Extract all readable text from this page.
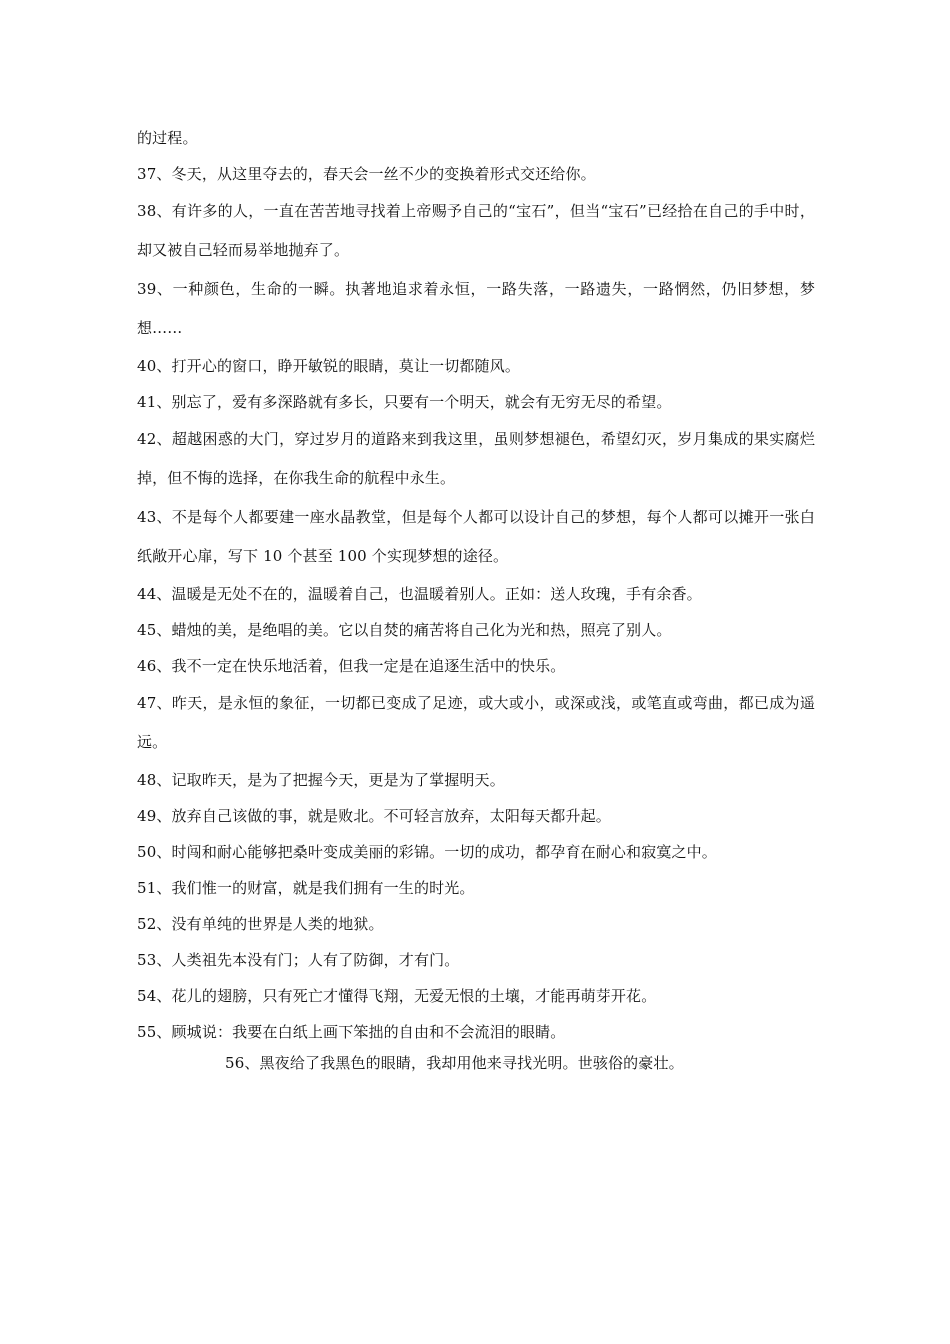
的过程。

37、冬天，从这里夺去的，春天会一丝不少的变换着形式交还给你。

38、有许多的人，一直在苦苦地寻找着上帝赐予自己的“宝石”，但当“宝石”已经拾在自己的手中时，却又被自己轻而易举地抛弃了。

39、一种颜色，生命的一瞬。执著地追求着永恒，一路失落，一路遗失，一路惘然，仍旧梦想，梦想……

40、打开心的窗口，睁开敏锐的眼睛，莫让一切都随风。

41、别忘了，爱有多深路就有多长，只要有一个明天，就会有无穷无尽的希望。

42、超越困惑的大门，穿过岁月的道路来到我这里，虽则梦想褪色，希望幻灭，岁月集成的果实腐烂掉，但不悔的选择，在你我生命的航程中永生。

43、不是每个人都要建一座水晶教堂，但是每个人都可以设计自己的梦想，每个人都可以摊开一张白纸敞开心扉，写下 10 个甚至 100 个实现梦想的途径。

44、温暖是无处不在的，温暖着自己，也温暖着别人。正如：送人玫瑰，手有余香。

45、蜡烛的美，是绝唱的美。它以自焚的痛苦将自己化为光和热，照亮了别人。

46、我不一定在快乐地活着，但我一定是在追逐生活中的快乐。

47、昨天，是永恒的象征，一切都已变成了足迹，或大或小，或深或浅，或笔直或弯曲，都已成为遥远。

48、记取昨天，是为了把握今天，更是为了掌握明天。

49、放弃自己该做的事，就是败北。不可轻言放弃，太阳每天都升起。

50、时闯和耐心能够把桑叶变成美丽的彩锦。一切的成功，都孕育在耐心和寂寞之中。

51、我们惟一的财富，就是我们拥有一生的时光。

52、没有单纯的世界是人类的地狱。

53、人类祖先本没有门；人有了防御，才有门。

54、花儿的翅膀，只有死亡才懂得飞翔，无爱无恨的土壤，才能再萌芽开花。

55、顾城说：我要在白纸上画下笨拙的自由和不会流泪的眼睛。

56、黑夜给了我黑色的眼睛，我却用他来寻找光明。世骇俗的豪壮。
